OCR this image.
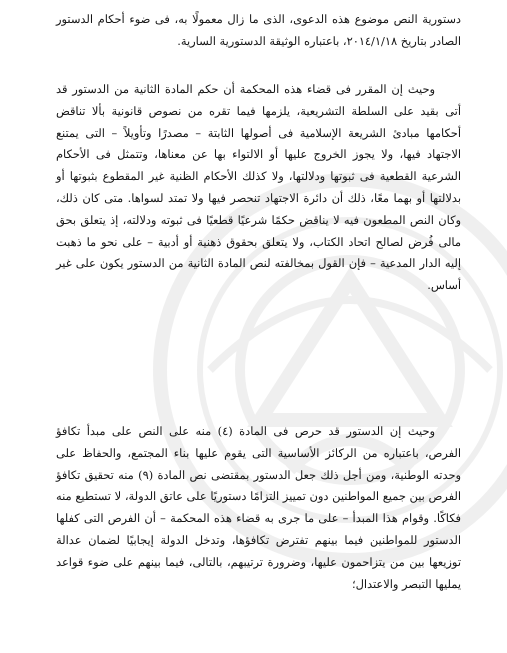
دستورية النص موضوع هذه الدعوى، الذى ما زال معمولًا به، فى ضوء أحكام الدستور الصادر بتاريخ ٢٠١٤/١/١٨، باعتباره الوثيقة الدستورية السارية.
وحيث إن المقرر فى قضاء هذه المحكمة أن حكم المادة الثانية من الدستور قد أتى بقيد على السلطة التشريعية، يلزمها فيما تقره من نصوص قانونية بألا تناقض أحكامها مبادئ الشريعة الإسلامية فى أصولها الثابتة – مصدرًا وتأويلاً – التى يمتنع الاجتهاد فيها، ولا يجوز الخروج عليها أو الالتواء بها عن معناها، وتتمثل فى الأحكام الشرعية القطعية فى ثبوتها ودلالتها، ولا كذلك الأحكام الظنية غير المقطوع بثبوتها أو بدلالتها أو بهما معًا، ذلك أن دائرة الاجتهاد تنحصر فيها ولا تمتد لسواها. متى كان ذلك، وكان النص المطعون فيه لا يناقض حكمًا شرعيًا قطعيًا فى ثبوته ودلالته، إذ يتعلق بحق مالى فُرض لصالح اتحاد الكتاب، ولا يتعلق بحقوق ذهنية أو أدبية – على نحو ما ذهبت إليه الدار المدعية – فإن القول بمخالفته لنص المادة الثانية من الدستور يكون على غير أساس.
وحيث إن الدستور قد حرص فى المادة (٤) منه على النص على مبدأ تكافؤ الفرص، باعتباره من الركائز الأساسية التى يقوم عليها بناء المجتمع، والحفاظ على وحدته الوطنية، ومن أجل ذلك جعل الدستور بمقتضى نص المادة (٩) منه تحقيق تكافؤ الفرص بين جميع المواطنين دون تمييز التزامًا دستوريًا على عاتق الدولة، لا تستطيع منه فكاكًا. وقوام هذا المبدأ – على ما جرى به قضاء هذه المحكمة – أن الفرص التى كفلها الدستور للمواطنين فيما بينهم تفترض تكافؤها، وتدخل الدولة إيجابيًا لضمان عدالة توزيعها بين من يتزاحمون عليها، وضرورة ترتيبهم، بالتالى، فيما بينهم على ضوء قواعد يمليها التبصر والاعتدال؛
